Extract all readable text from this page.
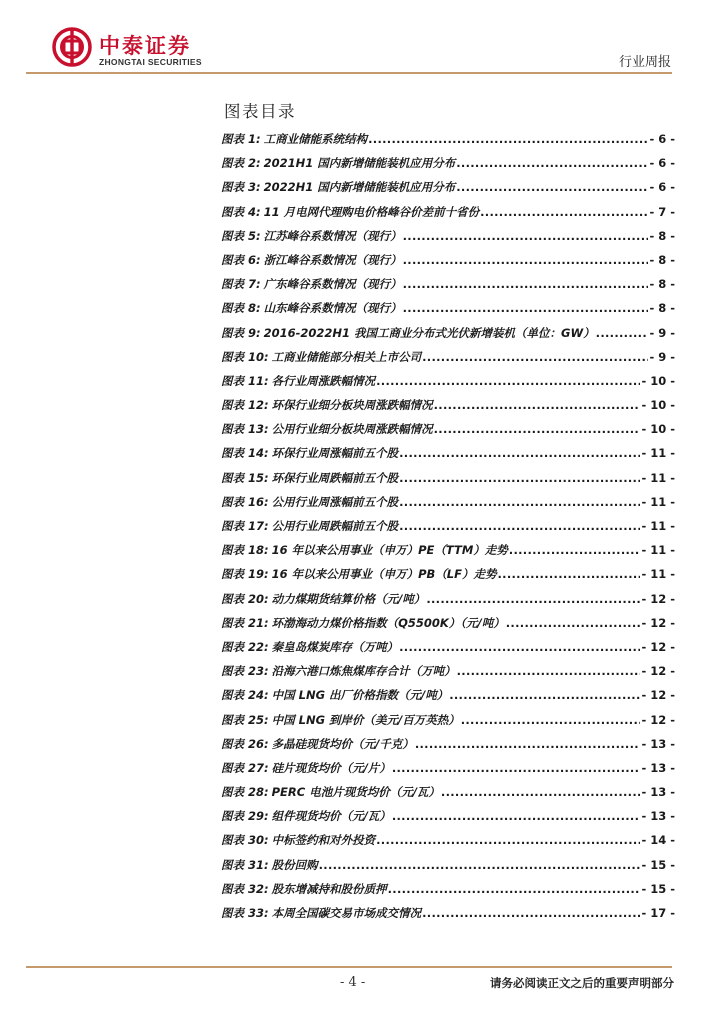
中泰证券
ZHONGTAI SECURITIES	行业周报
图表目录
图表 1: 工商业储能系统结构 .....	- 6 -
图表 2: 2021H1 国内新增储能装机应用分布 .....	- 6 -
图表 3: 2022H1 国内新增储能装机应用分布 .....	- 6 -
图表 4: 11 月电网代理购电价格峰谷价差前十省份 .....	- 7 -
图表 5: 江苏峰谷系数情况（现行） .....	- 8 -
图表 6: 浙江峰谷系数情况（现行） .....	- 8 -
图表 7: 广东峰谷系数情况（现行） .....	- 8 -
图表 8: 山东峰谷系数情况（现行） .....	- 8 -
图表 9: 2016-2022H1 我国工商业分布式光伏新增装机（单位：GW） .....	- 9 -
图表 10: 工商业储能部分相关上市公司 .....	- 9 -
图表 11: 各行业周涨跌幅情况 .....	- 10 -
图表 12: 环保行业细分板块周涨跌幅情况 .....	- 10 -
图表 13: 公用行业细分板块周涨跌幅情况 .....	- 10 -
图表 14: 环保行业周涨幅前五个股 .....	- 11 -
图表 15: 环保行业周跌幅前五个股 .....	- 11 -
图表 16: 公用行业周涨幅前五个股 .....	- 11 -
图表 17: 公用行业周跌幅前五个股 .....	- 11 -
图表 18: 16 年以来公用事业（申万）PE（TTM）走势 .....	- 11 -
图表 19: 16 年以来公用事业（申万）PB（LF）走势 .....	- 11 -
图表 20: 动力煤期货结算价格（元/吨） .....	- 12 -
图表 21: 环渤海动力煤价格指数（Q5500K）（元/吨） .....	- 12 -
图表 22: 秦皇岛煤炭库存（万吨） .....	- 12 -
图表 23: 沿海六港口炼焦煤库存合计（万吨） .....	- 12 -
图表 24: 中国 LNG 出厂价格指数（元/吨） .....	- 12 -
图表 25: 中国 LNG 到岸价（美元/百万英热） .....	- 12 -
图表 26: 多晶硅现货均价（元/千克） .....	- 13 -
图表 27: 硅片现货均价（元/片） .....	- 13 -
图表 28: PERC 电池片现货均价（元/瓦） .....	- 13 -
图表 29: 组件现货均价（元/瓦） .....	- 13 -
图表 30: 中标签约和对外投资 .....	- 14 -
图表 31: 股份回购 .....	- 15 -
图表 32: 股东增减持和股份质押 .....	- 15 -
图表 33: 本周全国碳交易市场成交情况 .....	- 17 -
- 4 -	请务必阅读正文之后的重要声明部分
